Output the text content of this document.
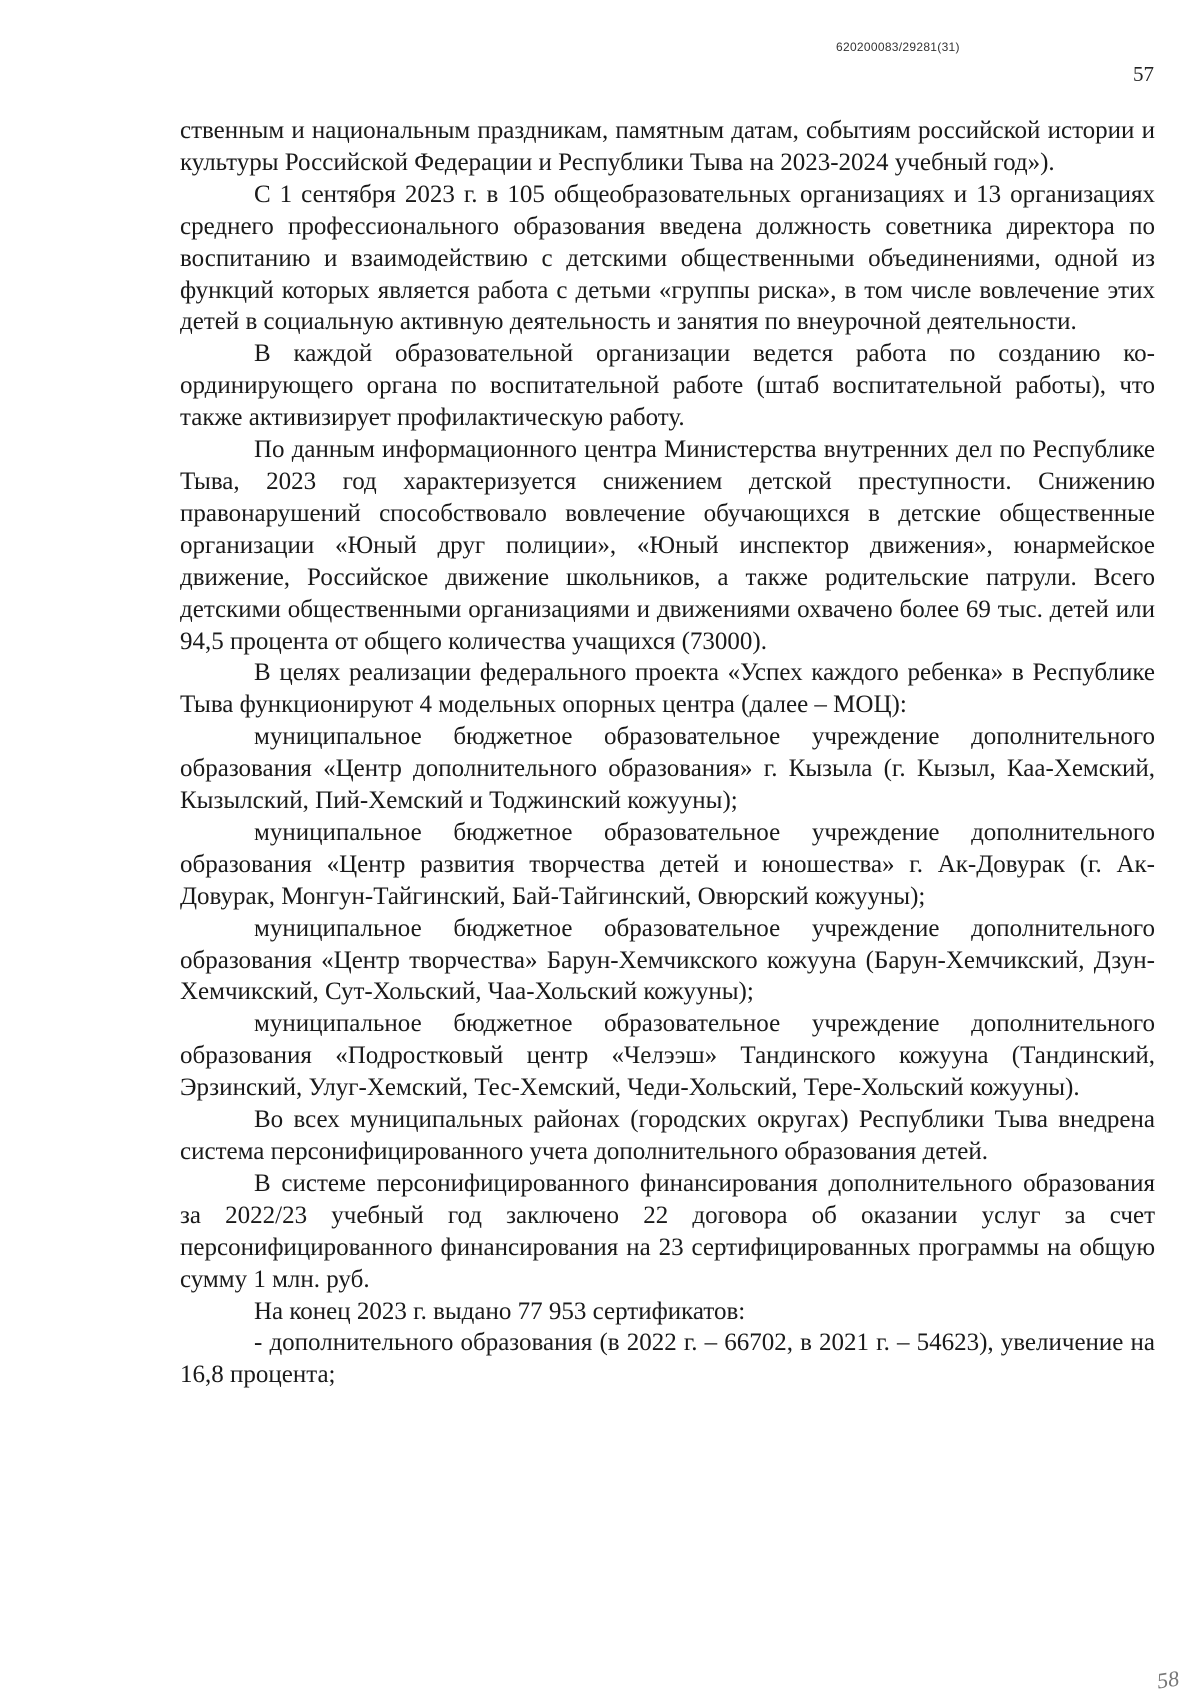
620200083/29281(31)
57

ственным и национальным праздникам, памятным датам, событиям российской истории и культуры Российской Федерации и Республики Тыва на 2023-2024 учебный год»).

С 1 сентября 2023 г. в 105 общеобразовательных организациях и 13 организациях среднего профессионального образования введена должность советника директора по воспитанию и взаимодействию с детскими общественными объединениями, одной из функций которых является работа с детьми «группы риска», в том числе вовлечение этих детей в социальную активную деятельность и занятия по внеурочной деятельности.

В каждой образовательной организации ведется работа по созданию координирующего органа по воспитательной работе (штаб воспитательной работы), что также активизирует профилактическую работу.

По данным информационного центра Министерства внутренних дел по Республике Тыва, 2023 год характеризуется снижением детской преступности. Снижению правонарушений способствовало вовлечение обучающихся в детские общественные организации «Юный друг полиции», «Юный инспектор движения», юнармейское движение, Российское движение школьников, а также родительские патрули. Всего детскими общественными организациями и движениями охвачено более 69 тыс. детей или 94,5 процента от общего количества учащихся (73000).

В целях реализации федерального проекта «Успех каждого ребенка» в Республике Тыва функционируют 4 модельных опорных центра (далее – МОЦ):

муниципальное бюджетное образовательное учреждение дополнительного образования «Центр дополнительного образования» г. Кызыла (г. Кызыл, Каа-Хемский, Кызылский, Пий-Хемский и Тоджинский кожууны);

муниципальное бюджетное образовательное учреждение дополнительного образования «Центр развития творчества детей и юношества» г. Ак-Довурак (г. Ак-Довурак, Монгун-Тайгинский, Бай-Тайгинский, Овюрский кожууны);

муниципальное бюджетное образовательное учреждение дополнительного образования «Центр творчества» Барун-Хемчикского кожууна (Барун-Хемчикский, Дзун-Хемчикский, Сут-Хольский, Чаа-Хольский кожууны);

муниципальное бюджетное образовательное учреждение дополнительного образования «Подростковый центр «Челээш» Тандинского кожууна (Тандинский, Эрзинский, Улуг-Хемский, Тес-Хемский, Чеди-Хольский, Тере-Хольский кожууны).

Во всех муниципальных районах (городских округах) Республики Тыва внедрена система персонифицированного учета дополнительного образования детей.

В системе персонифицированного финансирования дополнительного образования за 2022/23 учебный год заключено 22 договора об оказании услуг за счет персонифицированного финансирования на 23 сертифицированных программы на общую сумму 1 млн. руб.

На конец 2023 г. выдано 77 953 сертификатов:

- дополнительного образования (в 2022 г. – 66702, в 2021 г. – 54623), увеличение на 16,8 процента;

58
